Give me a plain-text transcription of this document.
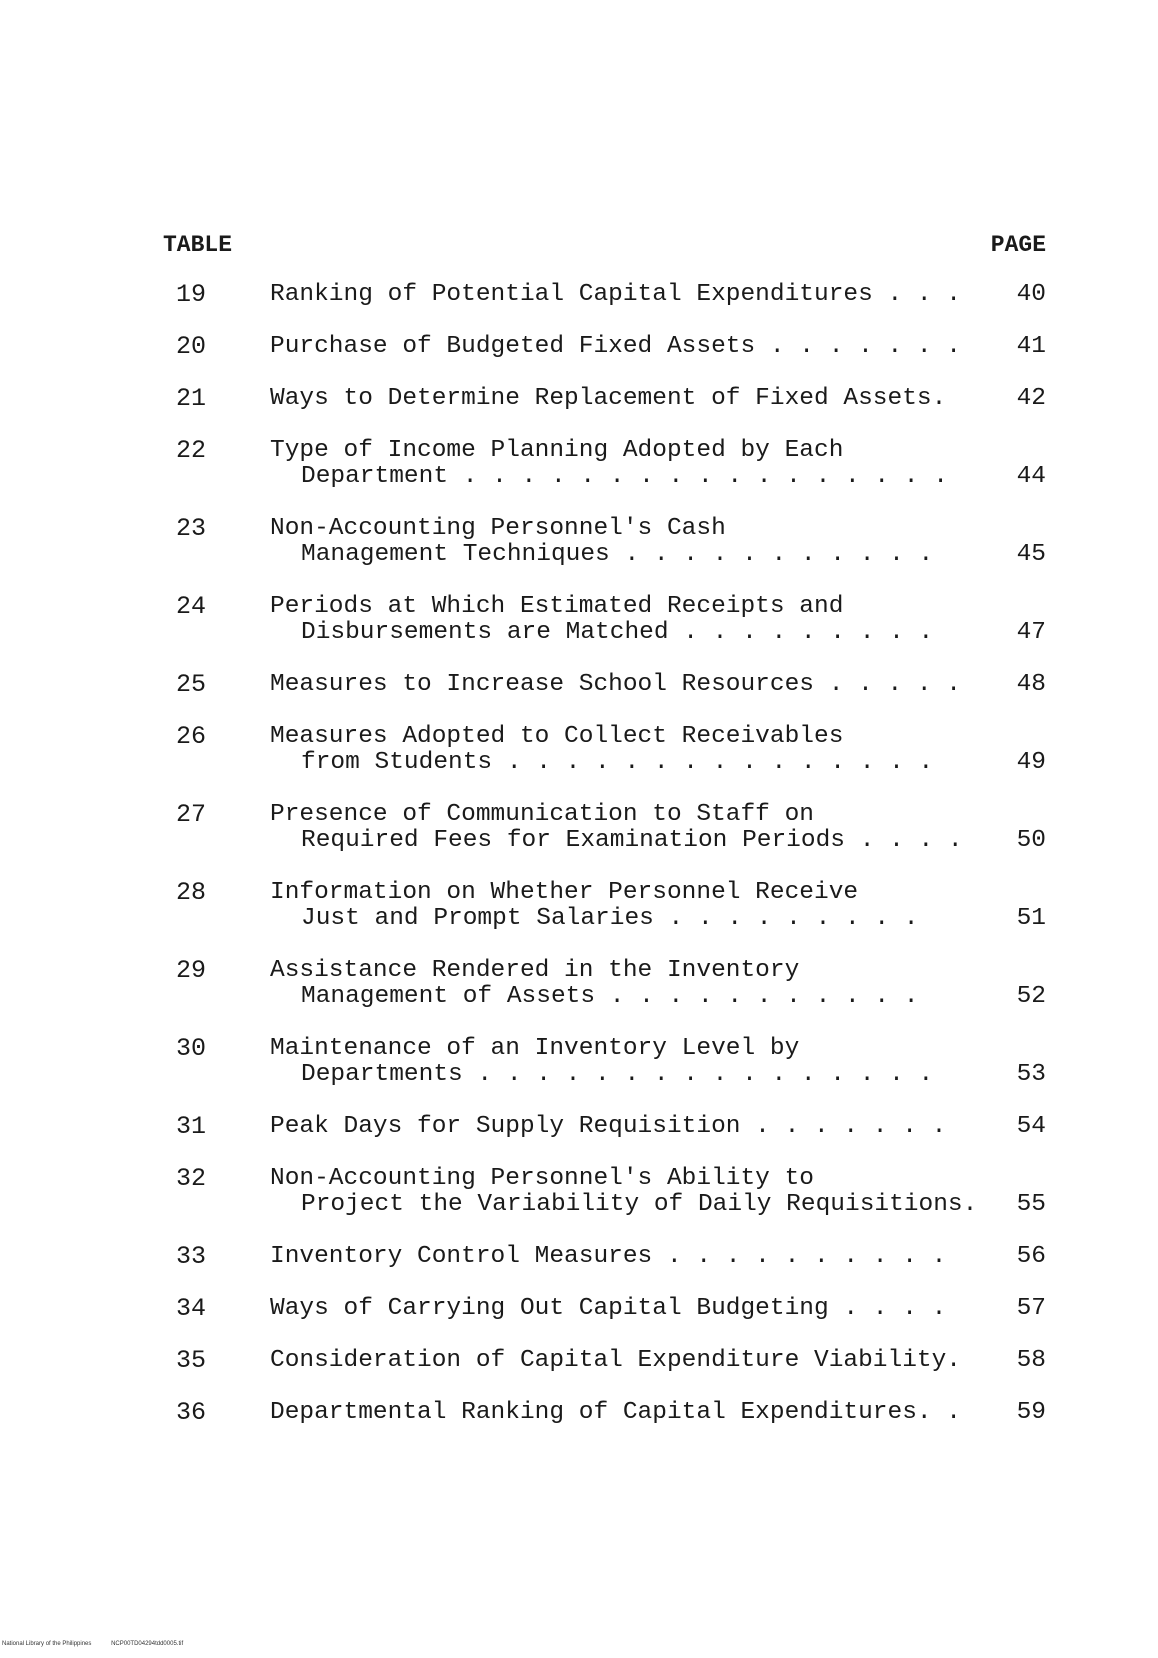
TABLE	PAGE
19	Ranking of Potential Capital Expenditures . . .	40
20	Purchase of Budgeted Fixed Assets . . . . . . .	41
21	Ways to Determine Replacement of Fixed Assets.	42
22	Type of Income Planning Adopted by Each
Department . . . . . . . . . . . . . . . . .	44
23	Non-Accounting Personnel's Cash
Management Techniques . . . . . . . . . . .	45
24	Periods at Which Estimated Receipts and
Disbursements are Matched . . . . . . . . .	47
25	Measures to Increase School Resources . . . . .	48
26	Measures Adopted to Collect Receivables
from Students . . . . . . . . . . . . . . .	49
27	Presence of Communication to Staff on
Required Fees for Examination Periods . . . .	50
28	Information on Whether Personnel Receive
Just and Prompt Salaries . . . . . . . . .	51
29	Assistance Rendered in the Inventory
Management of Assets . . . . . . . . . . .	52
30	Maintenance of an Inventory Level by
Departments . . . . . . . . . . . . . . . .	53
31	Peak Days for Supply Requisition . . . . . . .	54
32	Non-Accounting Personnel's Ability to
Project the Variability of Daily Requisitions.	55
33	Inventory Control Measures . . . . . . . . . .	56
34	Ways of Carrying Out Capital Budgeting . . . .	57
35	Consideration of Capital Expenditure Viability.	58
36	Departmental Ranking of Capital Expenditures. .	59
National Library of the Philippines	NCP00TD04294tdd0005.tif
